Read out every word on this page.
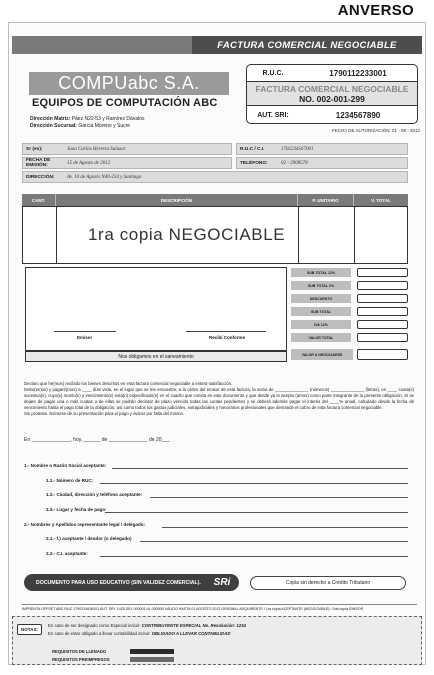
ANVERSO
FACTURA COMERCIAL NEGOCIABLE
COMPUabc S.A.
EQUIPOS DE COMPUTACIÓN ABC
Dirección Matriz: Páez N22-53 y Ramírez Dávalos
Dirección Sucursal: García Moreno y Sucre
R.U.C.	1790112233001
FACTURA COMERCIAL NEGOCIABLE
NO. 002-001-299
AUT. SRI:	1234567890
FECHA DE AUTORIZACIÓN: 01 - 08 - 2012
Sr (es):	Juan Carlos Herrera Salazar	R.U.C / C.I.	1702234567001
FECHA DE EMISIÓN:	15 de Agosto de 2012	TELÉFONO:	02 - 2908578
DIRECCIÓN:	Av. 10 de Agosto N40-234 y Santiago
CANT.	DESCRIPCIÓN	P. UNITARIO	V. TOTAL
1ra copia NEGOCIABLE
Emisor	Recibí Conforme
Nos obligamos en el saneamiento
SUB TOTAL 12%
SUB TOTAL 0%
DESCUENTO
SUB TOTAL
IVA 12%
VALOR TOTAL
VALOR A NEGOCIARSE
Declaro que he(mos) recibido los bienes descritos en esta factura comercial negociable a entera satisfacción.
Debo(emos) y pagaré(mos) a ____ días vista, en el lugar que se me encuentre, a la orden del emisor de esta factura, la suma de ______________ (números) ______________ (letras), en ____ cuota(s) sucesiva(s), cuyo(s) monto(s) y vencimiento(s) está(n) especificado(s) en el cuadro que consta en este documento y que desde ya lo acepto (amos) como parte integrante de la presente obligación. Si se dejare de pagar una o más cuotas o de ellas se podrán declarar de plazo vencido todas las cuotas pendientes y se deberá además pagar el interés del ____% anual, calculado desde la fecha de vencimiento hasta el pago total de la obligación, así como todos los gastos judiciales, extrajudiciales y honorarios profesionales que demande el cobro de esta factura comercial negociable.
Sin protesta. Exímese de su presentación para el pago y avisos por falta del mismo.
En ______________, hoy, ______ de ______________ de 20___
1.- Nombre o Razón Social aceptante:
1.1.- Número de RUC:
1.2.- Ciudad, dirección y teléfono aceptante:
1.3.- Lugar y fecha de pago:
2.- Nombres y Apellidos representante legal / delegado:
2.1.- f.) aceptante / deudor (o delegado)
2.2.- C.I. aceptante:
DOCUMENTO PARA USO EDUCATIVO (SIN VALIDEZ COMERCIAL).	SRi	Copia sin derecho a Crédito Tributario
IMPRENTA OFFSET ABC RUC 1790234816001 AUT. SRI. 1425 DEL 000001 AL 000500 VÁLIDO HASTA 01 AGOSTO 2013 ORIGINAL ADQUIRENTE / 1ra copia ACEPTANTE (NEGOCIABLE) / 2da copia EMISOR
NOTAS:
En caso de ser designado como Especial incluir: CONTRIBUYENTE ESPECIAL No. Resolución: 1234
En caso de estar obligado a llevar contabilidad incluir: OBLIGADO A LLEVAR CONTABILIDAD
REQUISITOS DE LLENADO
REQUISITOS PREIMPRESOS
